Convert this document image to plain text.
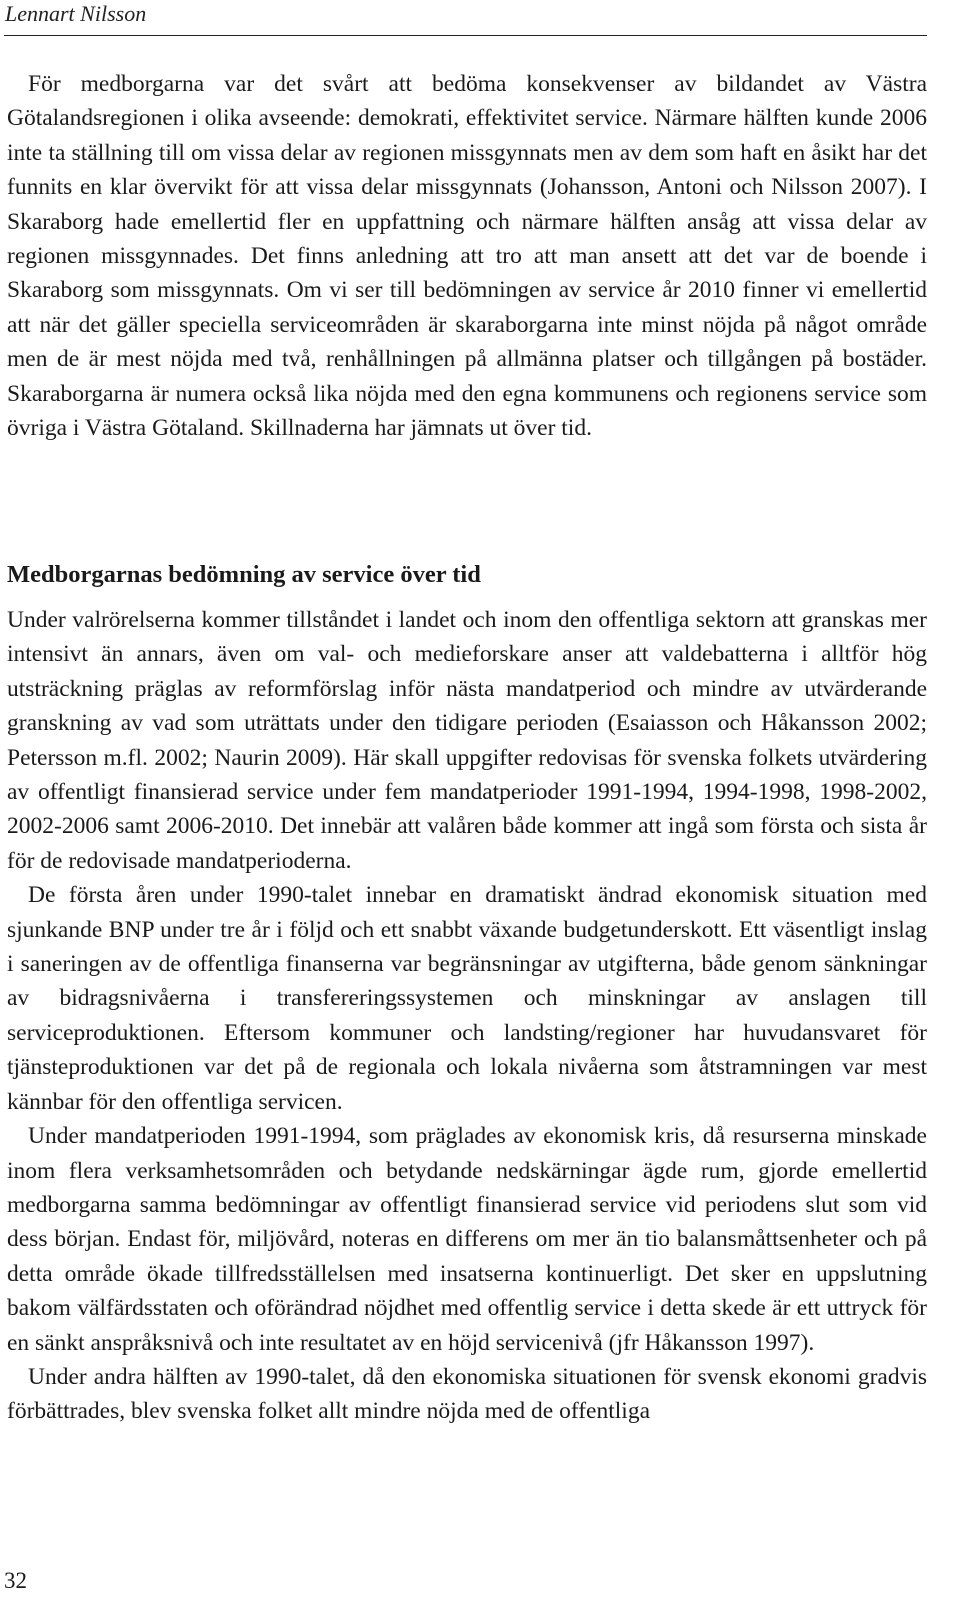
Lennart Nilsson

För medborgarna var det svårt att bedöma konsekvenser av bildandet av Västra Götalandsregionen i olika avseende: demokrati, effektivitet service. Närmare hälften kunde 2006 inte ta ställning till om vissa delar av regionen missgynnats men av dem som haft en åsikt har det funnits en klar övervikt för att vissa delar missgynnats (Johansson, Antoni och Nilsson 2007). I Skaraborg hade emellertid fler en uppfattning och närmare hälften ansåg att vissa delar av regionen missgynnades. Det finns anledning att tro att man ansett att det var de boende i Skaraborg som missgynnats. Om vi ser till bedömningen av service år 2010 finner vi emellertid att när det gäller speciella serviceområden är skaraborgarna inte minst nöjda på något område men de är mest nöjda med två, renhållningen på allmänna platser och tillgången på bostäder. Skaraborgarna är numera också lika nöjda med den egna kommunens och regionens service som övriga i Västra Götaland. Skillnaderna har jämnats ut över tid.

Medborgarnas bedömning av service över tid

Under valrörelserna kommer tillståndet i landet och inom den offentliga sektorn att granskas mer intensivt än annars, även om val- och medieforskare anser att valdebatterna i alltför hög utsträckning präglas av reformförslag inför nästa mandatperiod och mindre av utvärderande granskning av vad som uträttats under den tidigare perioden (Esaiasson och Håkansson 2002; Petersson m.fl. 2002; Naurin 2009). Här skall uppgifter redovisas för svenska folkets utvärdering av offentligt finansierad service under fem mandatperioder 1991-1994, 1994-1998, 1998-2002, 2002-2006 samt 2006-2010. Det innebär att valåren både kommer att ingå som första och sista år för de redovisade mandatperioderna.

De första åren under 1990-talet innebar en dramatiskt ändrad ekonomisk situation med sjunkande BNP under tre år i följd och ett snabbt växande budgetunderskott. Ett väsentligt inslag i saneringen av de offentliga finanserna var begränsningar av utgifterna, både genom sänkningar av bidragsnivåerna i transfereringssystemen och minskningar av anslagen till serviceproduktionen. Eftersom kommuner och landsting/regioner har huvudansvaret för tjänsteproduktionen var det på de regionala och lokala nivåerna som åtstramningen var mest kännbar för den offentliga servicen.

Under mandatperioden 1991-1994, som präglades av ekonomisk kris, då resurserna minskade inom flera verksamhetsområden och betydande nedskärningar ägde rum, gjorde emellertid medborgarna samma bedömningar av offentligt finansierad service vid periodens slut som vid dess början. Endast för, miljövård, noteras en differens om mer än tio balansmåttsenheter och på detta område ökade tillfredsställelsen med insatserna kontinuerligt. Det sker en uppslutning bakom välfärdsstaten och oförändrad nöjdhet med offentlig service i detta skede är ett uttryck för en sänkt anspråksnivå och inte resultatet av en höjd servicenivå (jfr Håkansson 1997).

Under andra hälften av 1990-talet, då den ekonomiska situationen för svensk ekonomi gradvis förbättrades, blev svenska folket allt mindre nöjda med de offentliga

32
